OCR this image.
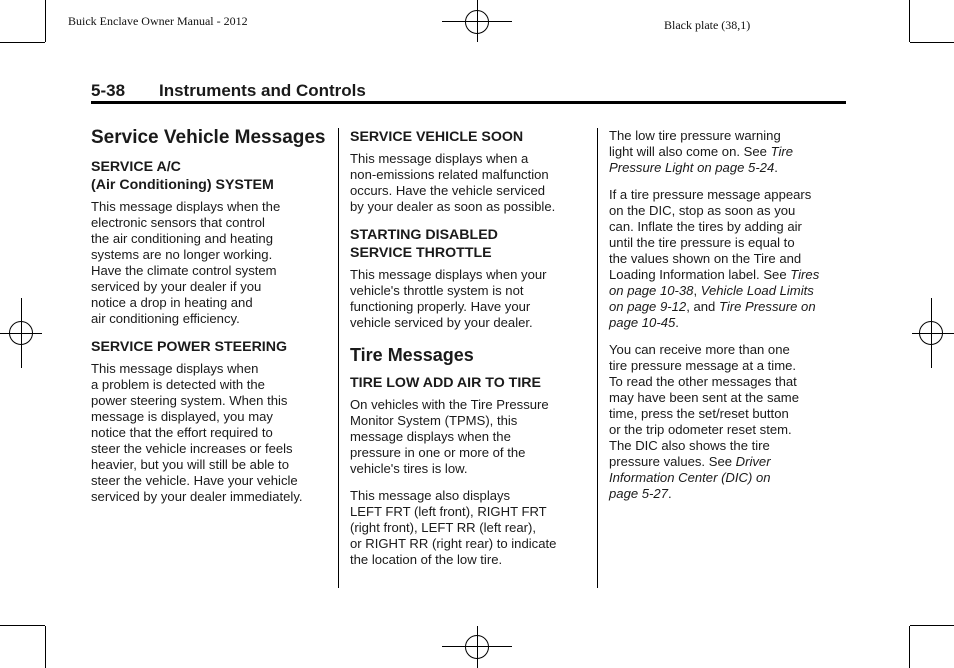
Buick Enclave Owner Manual - 2012	Black plate (38,1)
5-38 Instruments and Controls
Service Vehicle Messages
SERVICE A/C
(Air Conditioning) SYSTEM

This message displays when the
electronic sensors that control
the air conditioning and heating
systems are no longer working.
Have the climate control system
serviced by your dealer if you
notice a drop in heating and
air conditioning efficiency.

SERVICE POWER STEERING

This message displays when
a problem is detected with the
power steering system. When this
message is displayed, you may
notice that the effort required to
steer the vehicle increases or feels
heavier, but you will still be able to
steer the vehicle. Have your vehicle
serviced by your dealer immediately.

SERVICE VEHICLE SOON

This message displays when a
non-emissions related malfunction
occurs. Have the vehicle serviced
by your dealer as soon as possible.

STARTING DISABLED
SERVICE THROTTLE

This message displays when your
vehicle's throttle system is not
functioning properly. Have your
vehicle serviced by your dealer.

Tire Messages
TIRE LOW ADD AIR TO TIRE

On vehicles with the Tire Pressure
Monitor System (TPMS), this
message displays when the
pressure in one or more of the
vehicle's tires is low.

This message also displays
LEFT FRT (left front), RIGHT FRT
(right front), LEFT RR (left rear),
or RIGHT RR (right rear) to indicate
the location of the low tire.

The low tire pressure warning
light will also come on. See Tire
Pressure Light on page 5-24.

If a tire pressure message appears
on the DIC, stop as soon as you
can. Inflate the tires by adding air
until the tire pressure is equal to
the values shown on the Tire and
Loading Information label. See Tires
on page 10-38, Vehicle Load Limits
on page 9-12, and Tire Pressure on
page 10-45.

You can receive more than one
tire pressure message at a time.
To read the other messages that
may have been sent at the same
time, press the set/reset button
or the trip odometer reset stem.
The DIC also shows the tire
pressure values. See Driver
Information Center (DIC) on
page 5-27.
